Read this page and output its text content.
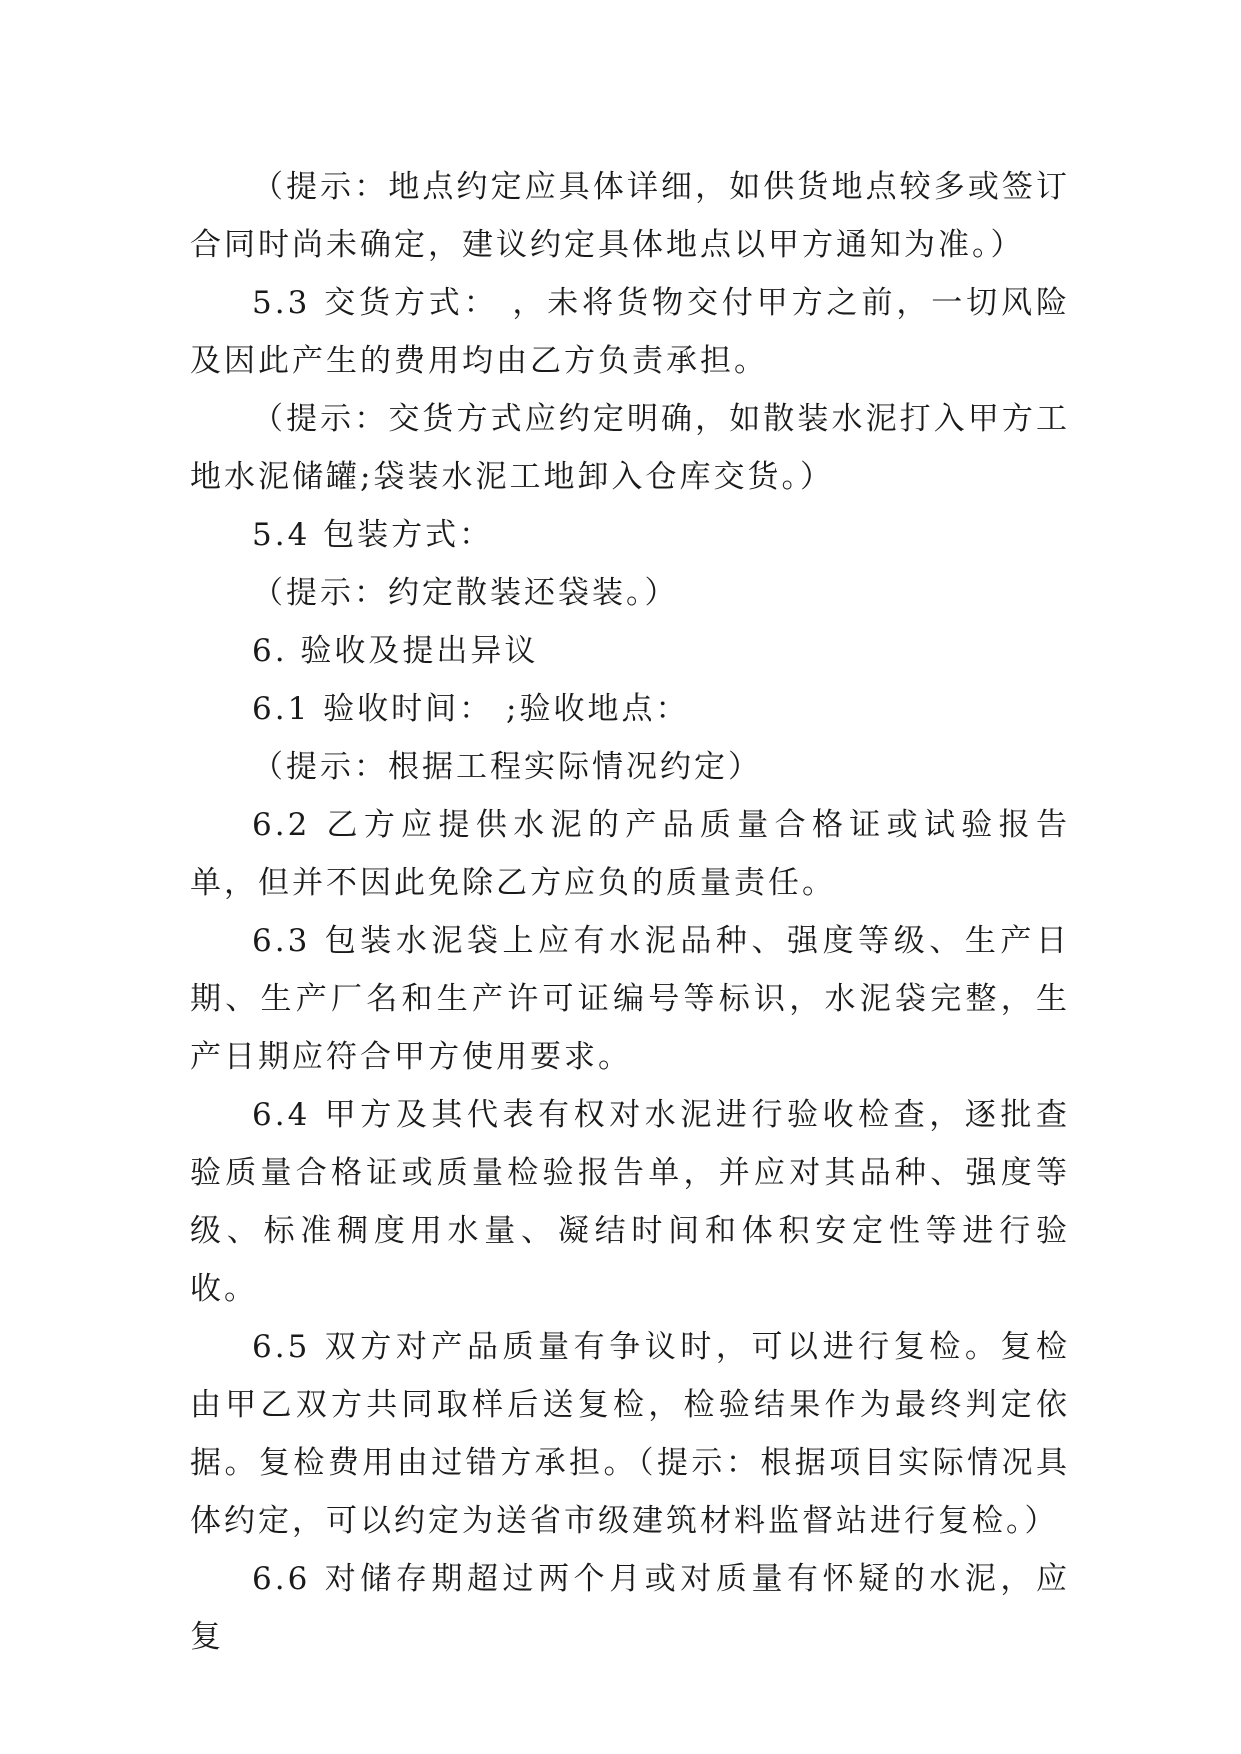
（提示：地点约定应具体详细，如供货地点较多或签订合同时尚未确定，建议约定具体地点以甲方通知为准。）

5.3 交货方式： ，未将货物交付甲方之前，一切风险及因此产生的费用均由乙方负责承担。

（提示：交货方式应约定明确，如散装水泥打入甲方工地水泥储罐;袋装水泥工地卸入仓库交货。）

5.4 包装方式：

（提示：约定散装还袋装。）

6. 验收及提出异议

6.1 验收时间： ;验收地点：

（提示：根据工程实际情况约定）

6.2 乙方应提供水泥的产品质量合格证或试验报告单，但并不因此免除乙方应负的质量责任。

6.3 包装水泥袋上应有水泥品种、强度等级、生产日期、生产厂名和生产许可证编号等标识，水泥袋完整，生产日期应符合甲方使用要求。

6.4 甲方及其代表有权对水泥进行验收检查，逐批查验质量合格证或质量检验报告单，并应对其品种、强度等级、标准稠度用水量、凝结时间和体积安定性等进行验收。

6.5 双方对产品质量有争议时，可以进行复检。复检由甲乙双方共同取样后送复检，检验结果作为最终判定依据。复检费用由过错方承担。（提示：根据项目实际情况具体约定，可以约定为送省市级建筑材料监督站进行复检。）

6.6 对储存期超过两个月或对质量有怀疑的水泥，应复
